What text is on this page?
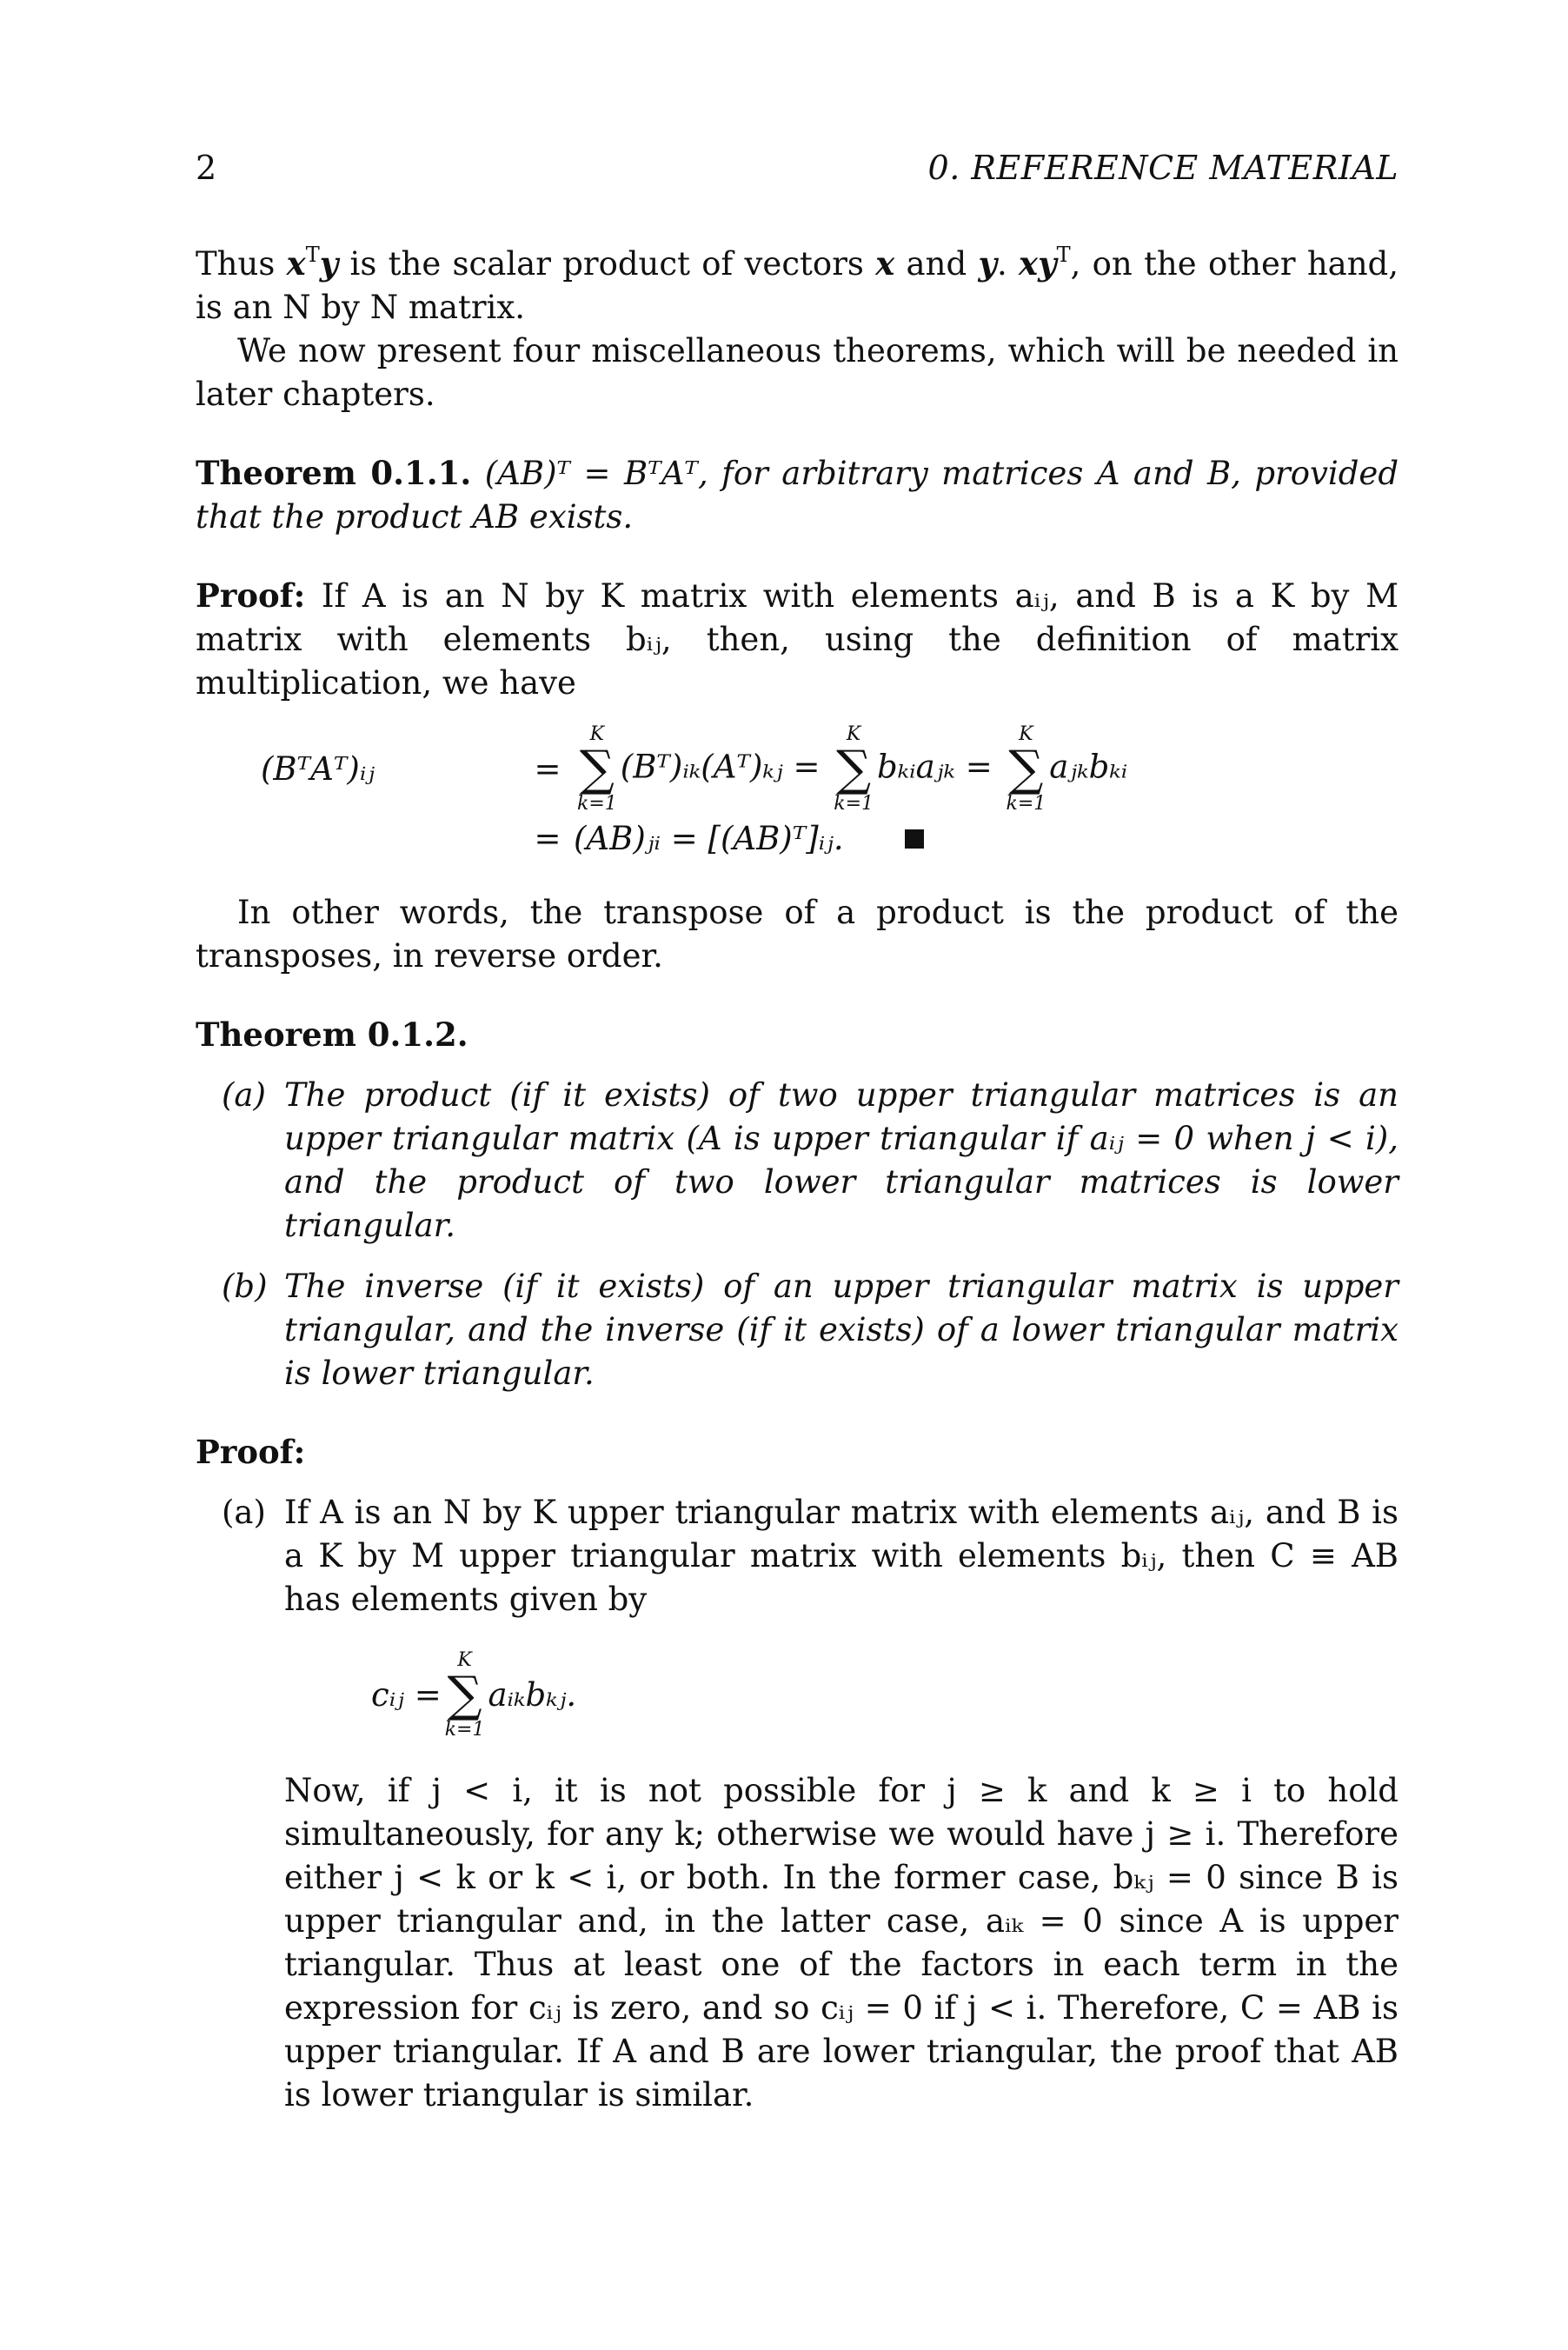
2	0. REFERENCE MATERIAL

Thus $x^Ty$ is the scalar product of vectors x and y. $xy^T$, on the other hand, is an N by N matrix.

We now present four miscellaneous theorems, which will be needed in later chapters.

Theorem 0.1.1. (AB)ᵀ = BᵀAᵀ, for arbitrary matrices A and B, provided that the product AB exists.

Proof: If A is an N by K matrix with elements aᵢⱼ, and B is a K by M matrix with elements bᵢⱼ, then, using the definition of matrix multiplication, we have

(BᵀAᵀ)ᵢⱼ	=
K
∑
k=1
(Bᵀ)ᵢₖ(Aᵀ)ₖⱼ =
K
∑
k=1
bₖᵢaⱼₖ =
K
∑
k=1
aⱼₖbₖᵢ
= (AB)ⱼᵢ = [(AB)ᵀ]ᵢⱼ.

In other words, the transpose of a product is the product of the transposes, in reverse order.

Theorem 0.1.2.

(a) The product (if it exists) of two upper triangular matrices is an upper triangular matrix (A is upper triangular if aᵢⱼ = 0 when j < i), and the product of two lower triangular matrices is lower triangular.
(b) The inverse (if it exists) of an upper triangular matrix is upper triangular, and the inverse (if it exists) of a lower triangular matrix is lower triangular.

Proof:

(a) If A is an N by K upper triangular matrix with elements aᵢⱼ, and B is a K by M upper triangular matrix with elements bᵢⱼ, then C ≡ AB has elements given by

cᵢⱼ =
K
∑
k=1
aᵢₖbₖⱼ.

Now, if j < i, it is not possible for j ≥ k and k ≥ i to hold simultaneously, for any k; otherwise we would have j ≥ i. Therefore either j < k or k < i, or both. In the former case, bₖⱼ = 0 since B is upper triangular and, in the latter case, aᵢₖ = 0 since A is upper triangular. Thus at least one of the factors in each term in the expression for cᵢⱼ is zero, and so cᵢⱼ = 0 if j < i. Therefore, C = AB is upper triangular. If A and B are lower triangular, the proof that AB is lower triangular is similar.
